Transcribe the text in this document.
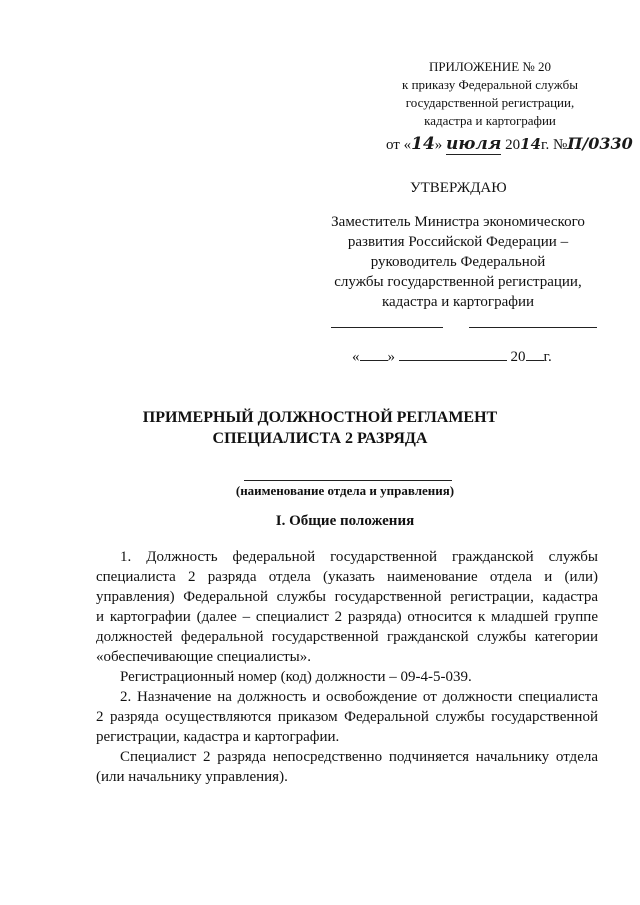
ПРИЛОЖЕНИЕ № 20
к приказу Федеральной службы
государственной регистрации,
кадастра и картографии
от «14» июля 2014г. №П/0330
УТВЕРЖДАЮ
Заместитель Министра экономического
развития Российской Федерации –
руководитель Федеральной
службы государственной регистрации,
кадастра и картографии
« »	20 г.
ПРИМЕРНЫЙ ДОЛЖНОСТНОЙ РЕГЛАМЕНТ
СПЕЦИАЛИСТА 2 РАЗРЯДА
(наименование отдела и управления)
I. Общие положения
1. Должность федеральной государственной гражданской службы
специалиста 2 разряда отдела (указать наименование отдела и (или)
управления) Федеральной службы государственной регистрации, кадастра
и картографии (далее – специалист 2 разряда) относится к младшей группе
должностей федеральной государственной гражданской службы категории
«обеспечивающие специалисты».
Регистрационный номер (код) должности – 09-4-5-039.
2. Назначение на должность и освобождение от должности специалиста
2 разряда осуществляются приказом Федеральной службы государственной
регистрации, кадастра и картографии.
Специалист 2 разряда непосредственно подчиняется начальнику отдела
(или начальнику управления).
